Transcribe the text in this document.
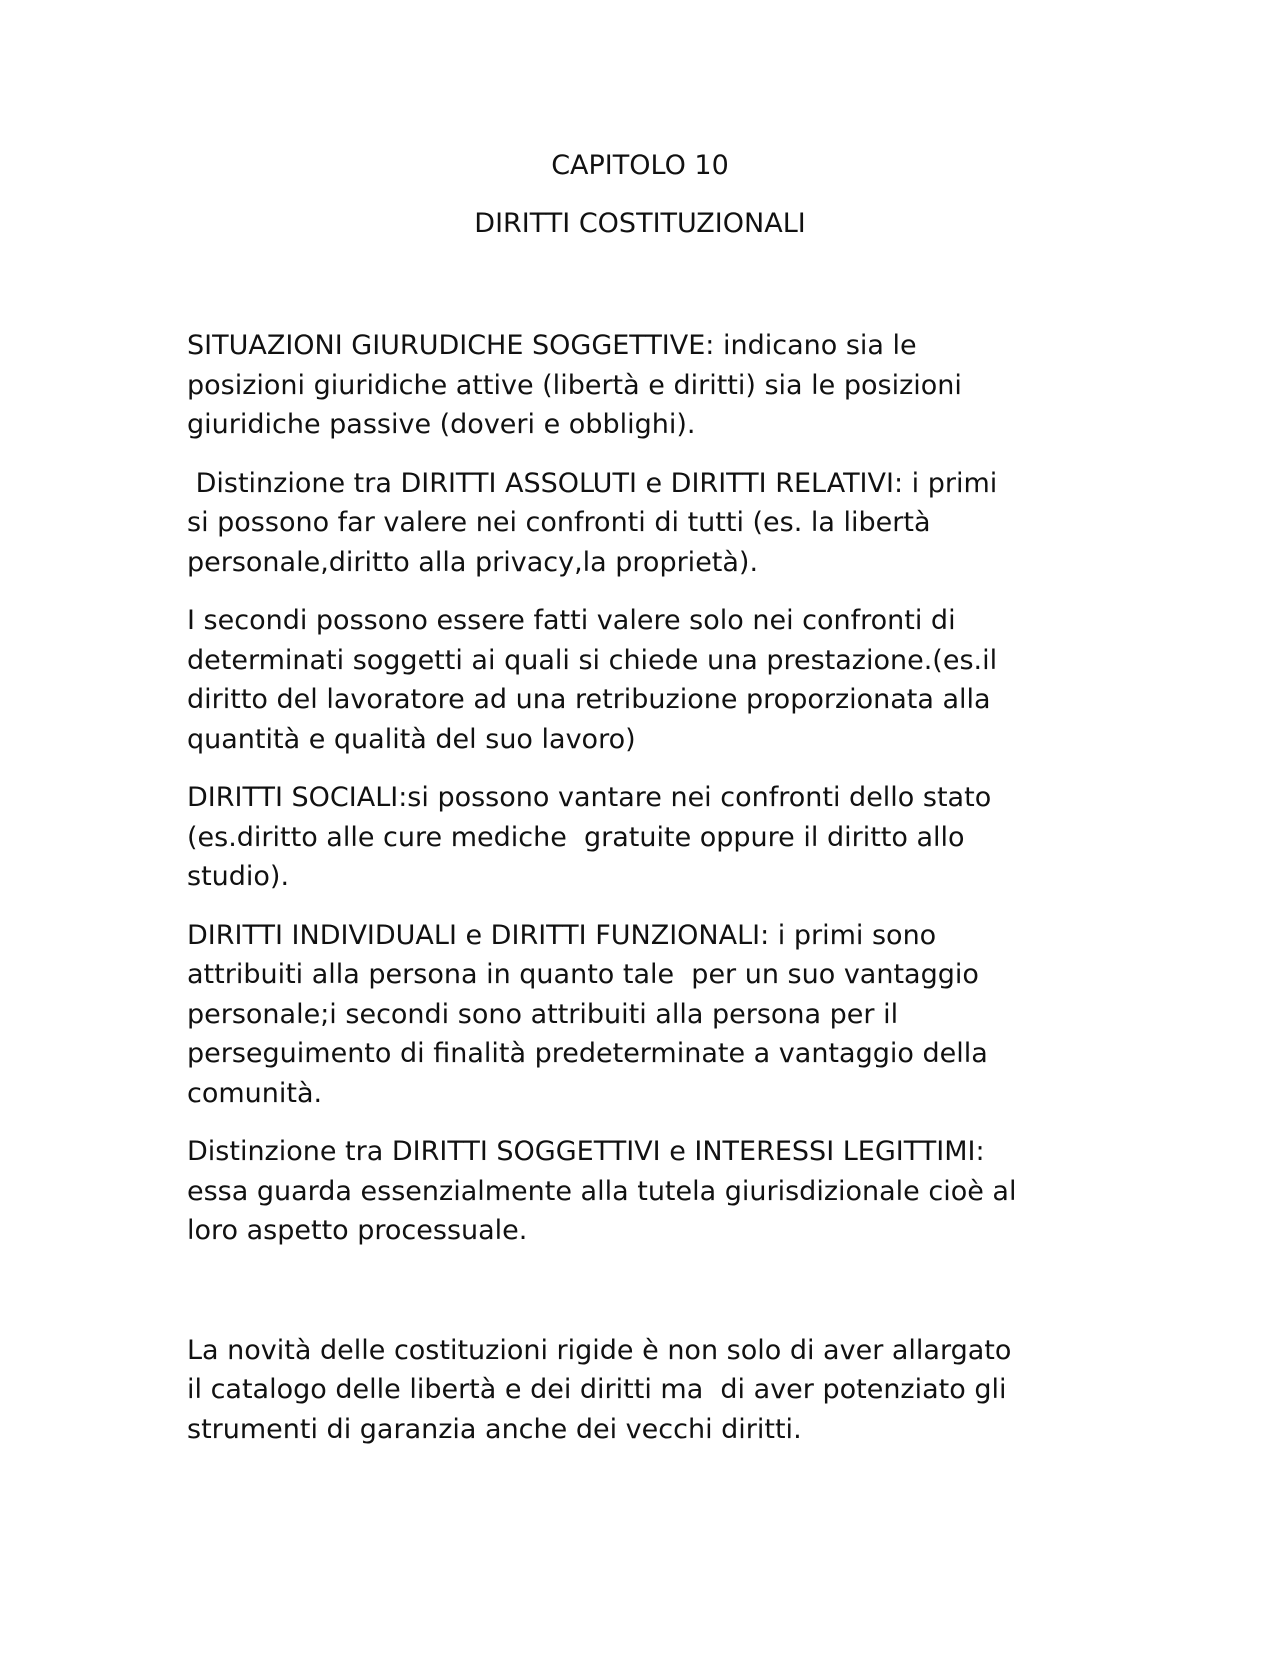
CAPITOLO 10
DIRITTI COSTITUZIONALI
SITUAZIONI GIURUDICHE SOGGETTIVE: indicano sia le
posizioni giuridiche attive (libertà e diritti) sia le posizioni
giuridiche passive (doveri e obblighi).
Distinzione tra DIRITTI ASSOLUTI e DIRITTI RELATIVI: i primi
si possono far valere nei confronti di tutti (es. la libertà
personale,diritto alla privacy,la proprietà).
I secondi possono essere fatti valere solo nei confronti di
determinati soggetti ai quali si chiede una prestazione.(es.il
diritto del lavoratore ad una retribuzione proporzionata alla
quantità e qualità del suo lavoro)
DIRITTI SOCIALI:si possono vantare nei confronti dello stato
(es.diritto alle cure mediche  gratuite oppure il diritto allo
studio).
DIRITTI INDIVIDUALI e DIRITTI FUNZIONALI: i primi sono
attribuiti alla persona in quanto tale  per un suo vantaggio
personale;i secondi sono attribuiti alla persona per il
perseguimento di finalità predeterminate a vantaggio della
comunità.
Distinzione tra DIRITTI SOGGETTIVI e INTERESSI LEGITTIMI:
essa guarda essenzialmente alla tutela giurisdizionale cioè al
loro aspetto processuale.
La novità delle costituzioni rigide è non solo di aver allargato
il catalogo delle libertà e dei diritti ma  di aver potenziato gli
strumenti di garanzia anche dei vecchi diritti.
